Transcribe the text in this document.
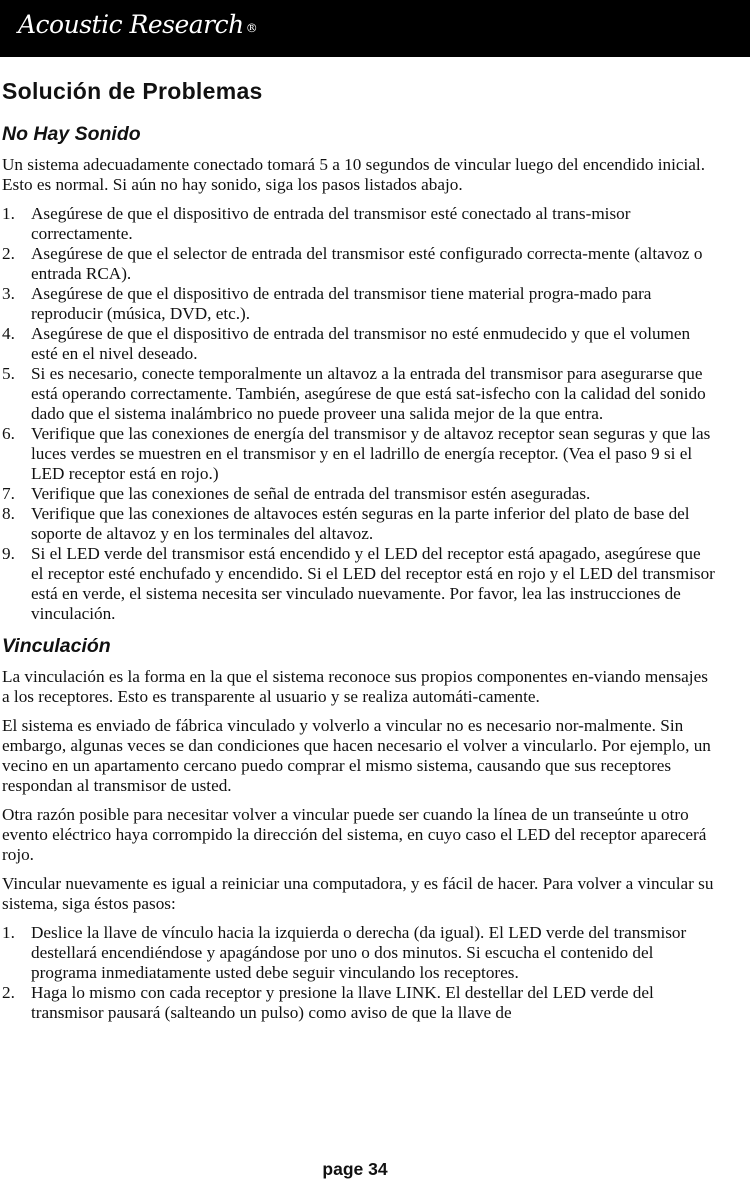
Acoustic Research ®
Solución de Problemas
No Hay Sonido

Un sistema adecuadamente conectado tomará 5 a 10 segundos de vincular luego del encendido inicial. Esto es normal. Si aún no hay sonido, siga los pasos listados abajo.

1. Asegúrese de que el dispositivo de entrada del transmisor esté conectado al trans-misor correctamente.
2. Asegúrese de que el selector de entrada del transmisor esté configurado correcta-mente (altavoz o entrada RCA).
3. Asegúrese de que el dispositivo de entrada del transmisor tiene material progra-mado para reproducir (música, DVD, etc.).
4. Asegúrese de que el dispositivo de entrada del transmisor no esté enmudecido y que el volumen esté en el nivel deseado.
5. Si es necesario, conecte temporalmente un altavoz a la entrada del transmisor para asegurarse que está operando correctamente. También, asegúrese de que está sat-isfecho con la calidad del sonido dado que el sistema inalámbrico no puede proveer una salida mejor de la que entra.
6. Verifique que las conexiones de energía del transmisor y de altavoz receptor sean seguras y que las luces verdes se muestren en el transmisor y en el ladrillo de energía receptor. (Vea el paso 9 si el LED receptor está en rojo.)
7. Verifique que las conexiones de señal de entrada del transmisor estén aseguradas.
8. Verifique que las conexiones de altavoces estén seguras en la parte inferior del plato de base del soporte de altavoz y en los terminales del altavoz.
9. Si el LED verde del transmisor está encendido y el LED del receptor está apagado, asegúrese que el receptor esté enchufado y encendido. Si el LED del receptor está en rojo y el LED del transmisor está en verde, el sistema necesita ser vinculado nuevamente. Por favor, lea las instrucciones de vinculación.
Vinculación

La vinculación es la forma en la que el sistema reconoce sus propios componentes en-viando mensajes a los receptores. Esto es transparente al usuario y se realiza automáti-camente.

El sistema es enviado de fábrica vinculado y volverlo a vincular no es necesario nor-malmente. Sin embargo, algunas veces se dan condiciones que hacen necesario el volver a vincularlo. Por ejemplo, un vecino en un apartamento cercano puedo comprar el mismo sistema, causando que sus receptores respondan al transmisor de usted.

Otra razón posible para necesitar volver a vincular puede ser cuando la línea de un transeúnte u otro evento eléctrico haya corrompido la dirección del sistema, en cuyo caso el LED del receptor aparecerá rojo.

Vincular nuevamente es igual a reiniciar una computadora, y es fácil de hacer. Para volver a vincular su sistema, siga éstos pasos:

1. Deslice la llave de vínculo hacia la izquierda o derecha (da igual). El LED verde del transmisor destellará encendiéndose y apagándose por uno o dos minutos. Si escucha el contenido del programa inmediatamente usted debe seguir vinculando los receptores.
2. Haga lo mismo con cada receptor y presione la llave LINK. El destellar del LED verde del transmisor pausará (salteando un pulso) como aviso de que la llave de
page 34
